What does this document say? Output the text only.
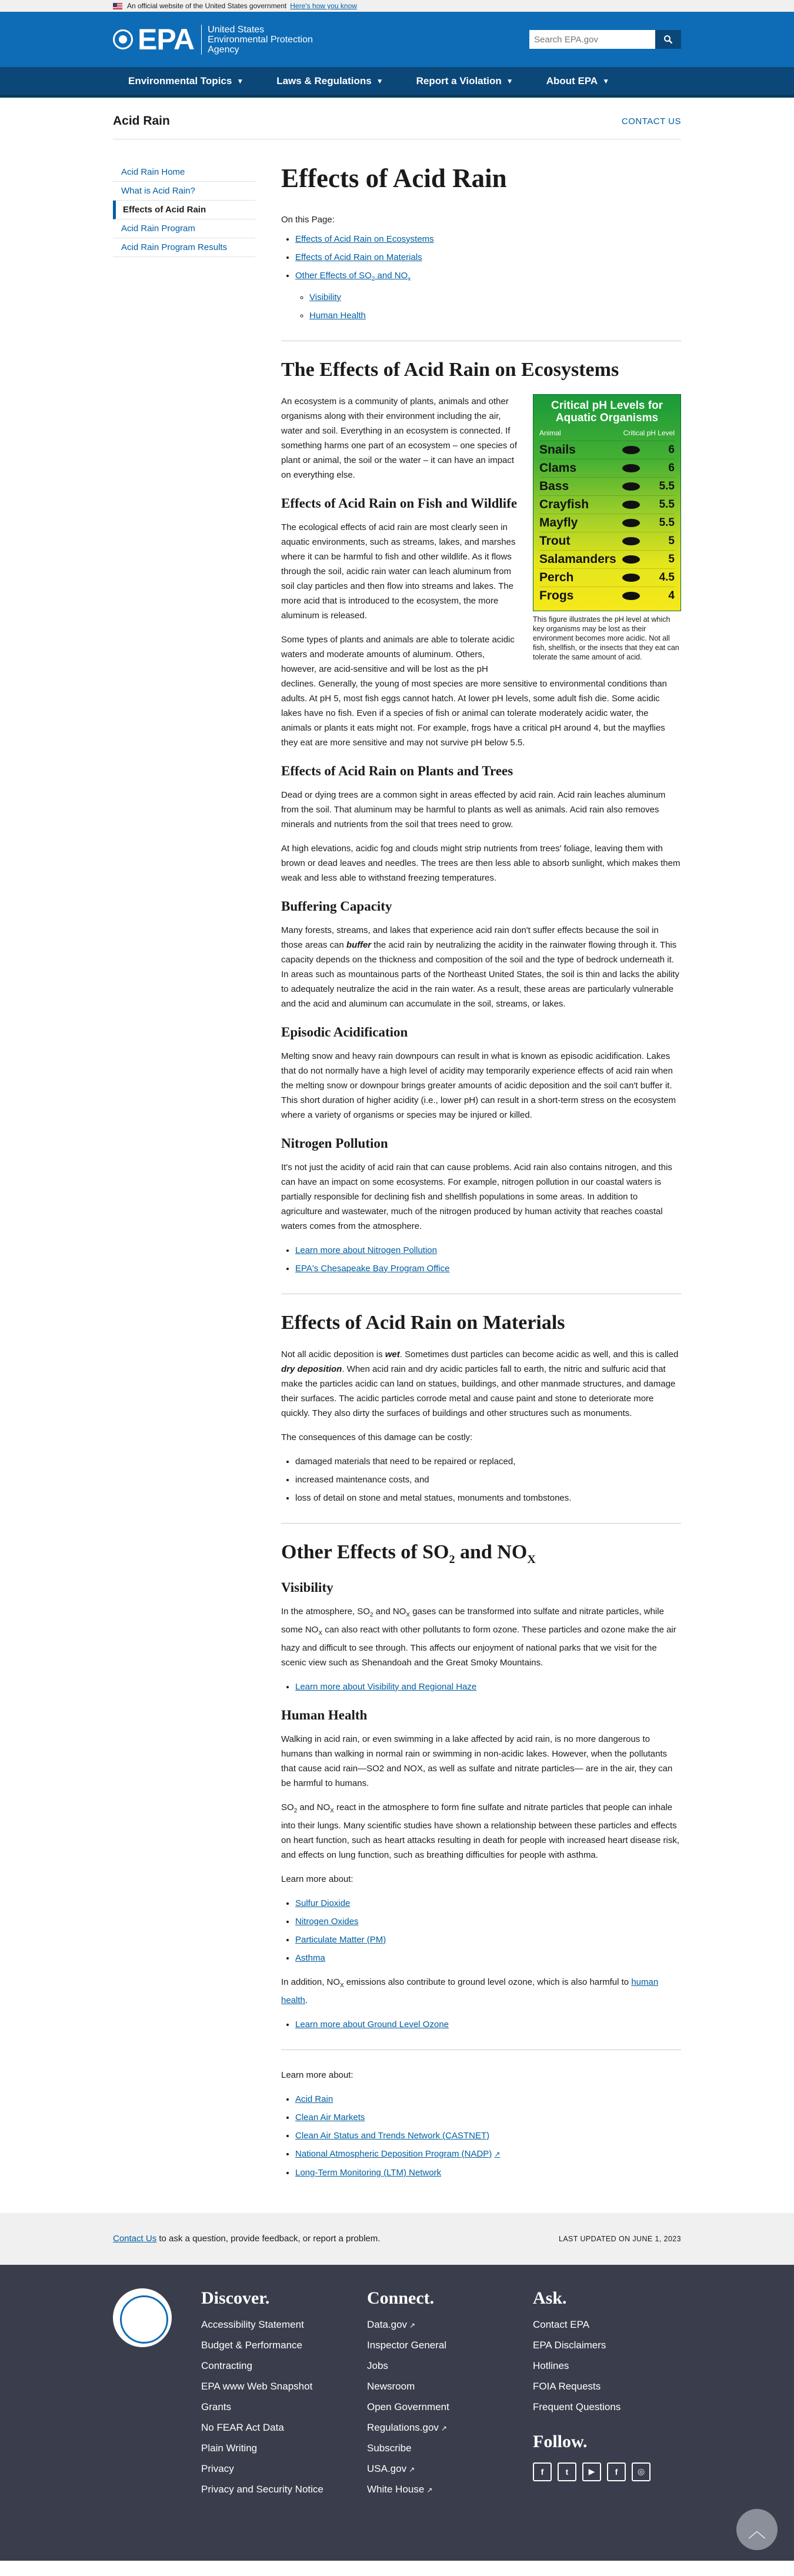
An official website of the United States government Here's how you know
EPA	United States
Environmental Protection
Agency
Search EPA.gov
Environmental Topics ▼	Laws & Regulations ▼	Report a Violation ▼	About EPA ▼
Acid Rain	CONTACT US
Acid Rain Home
What is Acid Rain?
Effects of Acid Rain
Acid Rain Program
Acid Rain Program Results
Effects of Acid Rain
On this Page:
• Effects of Acid Rain on Ecosystems
• Effects of Acid Rain on Materials
• Other Effects of $SO_2$ and $NO_x$
◦ Visibility
◦ Human Health
The Effects of Acid Rain on Ecosystems
Critical pH Levels for Aquatic Organisms
Animal	Critical pH Level
Snails	6
Clams	6
Bass	5.5
Crayfish	5.5
Mayfly	5.5
Trout	5
Salamanders	5
Perch	4.5
Frogs	4
This figure illustrates the pH level at which key organisms may be lost as their environment becomes more acidic. Not all fish, shellfish, or the insects that they eat can tolerate the same amount of acid.

An ecosystem is a community of plants, animals and other organisms along with their environment including the air, water and soil. Everything in an ecosystem is connected. If something harms one part of an ecosystem – one species of plant or animal, the soil or the water – it can have an impact on everything else.

Effects of Acid Rain on Fish and Wildlife

The ecological effects of acid rain are most clearly seen in aquatic environments, such as streams, lakes, and marshes where it can be harmful to fish and other wildlife. As it flows through the soil, acidic rain water can leach aluminum from soil clay particles and then flow into streams and lakes. The more acid that is introduced to the ecosystem, the more aluminum is released.

Some types of plants and animals are able to tolerate acidic waters and moderate amounts of aluminum. Others, however, are acid-sensitive and will be lost as the pH declines. Generally, the young of most species are more sensitive to environmental conditions than adults. At pH 5, most fish eggs cannot hatch. At lower pH levels, some adult fish die. Some acidic lakes have no fish. Even if a species of fish or animal can tolerate moderately acidic water, the animals or plants it eats might not. For example, frogs have a critical pH around 4, but the mayflies they eat are more sensitive and may not survive pH below 5.5.

Effects of Acid Rain on Plants and Trees

Dead or dying trees are a common sight in areas effected by acid rain. Acid rain leaches aluminum from the soil. That aluminum may be harmful to plants as well as animals. Acid rain also removes minerals and nutrients from the soil that trees need to grow.

At high elevations, acidic fog and clouds might strip nutrients from trees' foliage, leaving them with brown or dead leaves and needles. The trees are then less able to absorb sunlight, which makes them weak and less able to withstand freezing temperatures.

Buffering Capacity

Many forests, streams, and lakes that experience acid rain don't suffer effects because the soil in those areas can buffer the acid rain by neutralizing the acidity in the rainwater flowing through it. This capacity depends on the thickness and composition of the soil and the type of bedrock underneath it. In areas such as mountainous parts of the Northeast United States, the soil is thin and lacks the ability to adequately neutralize the acid in the rain water. As a result, these areas are particularly vulnerable and the acid and aluminum can accumulate in the soil, streams, or lakes.

Episodic Acidification

Melting snow and heavy rain downpours can result in what is known as episodic acidification. Lakes that do not normally have a high level of acidity may temporarily experience effects of acid rain when the melting snow or downpour brings greater amounts of acidic deposition and the soil can't buffer it. This short duration of higher acidity (i.e., lower pH) can result in a short-term stress on the ecosystem where a variety of organisms or species may be injured or killed.

Nitrogen Pollution

It's not just the acidity of acid rain that can cause problems. Acid rain also contains nitrogen, and this can have an impact on some ecosystems. For example, nitrogen pollution in our coastal waters is partially responsible for declining fish and shellfish populations in some areas. In addition to agriculture and wastewater, much of the nitrogen produced by human activity that reaches coastal waters comes from the atmosphere.

• Learn more about Nitrogen Pollution
• EPA's Chesapeake Bay Program Office
Effects of Acid Rain on Materials

Not all acidic deposition is wet. Sometimes dust particles can become acidic as well, and this is called dry deposition. When acid rain and dry acidic particles fall to earth, the nitric and sulfuric acid that make the particles acidic can land on statues, buildings, and other manmade structures, and damage their surfaces. The acidic particles corrode metal and cause paint and stone to deteriorate more quickly. They also dirty the surfaces of buildings and other structures such as monuments.

The consequences of this damage can be costly:

• damaged materials that need to be repaired or replaced,
• increased maintenance costs, and
• loss of detail on stone and metal statues, monuments and tombstones.
Other Effects of $SO_2$ and $NO_X$
Visibility

In the atmosphere, $SO_2$ and $NO_X$ gases can be transformed into sulfate and nitrate particles, while some $NO_X$ can also react with other pollutants to form ozone. These particles and ozone make the air hazy and difficult to see through. This affects our enjoyment of national parks that we visit for the scenic view such as Shenandoah and the Great Smoky Mountains.

• Learn more about Visibility and Regional Haze
Human Health

Walking in acid rain, or even swimming in a lake affected by acid rain, is no more dangerous to humans than walking in normal rain or swimming in non-acidic lakes. However, when the pollutants that cause acid rain—SO2 and NOX, as well as sulfate and nitrate particles— are in the air, they can be harmful to humans.

$SO_2$ and $NO_X$ react in the atmosphere to form fine sulfate and nitrate particles that people can inhale into their lungs. Many scientific studies have shown a relationship between these particles and effects on heart function, such as heart attacks resulting in death for people with increased heart disease risk, and effects on lung function, such as breathing difficulties for people with asthma.

Learn more about:

• Sulfur Dioxide
• Nitrogen Oxides
• Particulate Matter (PM)
• Asthma

In addition, $NO_X$ emissions also contribute to ground level ozone, which is also harmful to human health.

• Learn more about Ground Level Ozone

Learn more about:

• Acid Rain
• Clean Air Markets
• Clean Air Status and Trends Network (CASTNET)
• National Atmospheric Deposition Program (NADP) ↗
• Long-Term Monitoring (LTM) Network
Contact Us to ask a question, provide feedback, or report a problem.	LAST UPDATED ON JUNE 1, 2023
Discover.
Accessibility Statement
Budget & Performance
Contracting
EPA www Web Snapshot
Grants
No FEAR Act Data
Plain Writing
Privacy
Privacy and Security Notice
Connect.
Data.gov ↗
Inspector General
Jobs
Newsroom
Open Government
Regulations.gov ↗
Subscribe
USA.gov ↗
White House ↗
Ask.
Contact EPA
EPA Disclaimers
Hotlines
FOIA Requests
Frequent Questions
Follow.
f	t	▶	f	◎
︿
